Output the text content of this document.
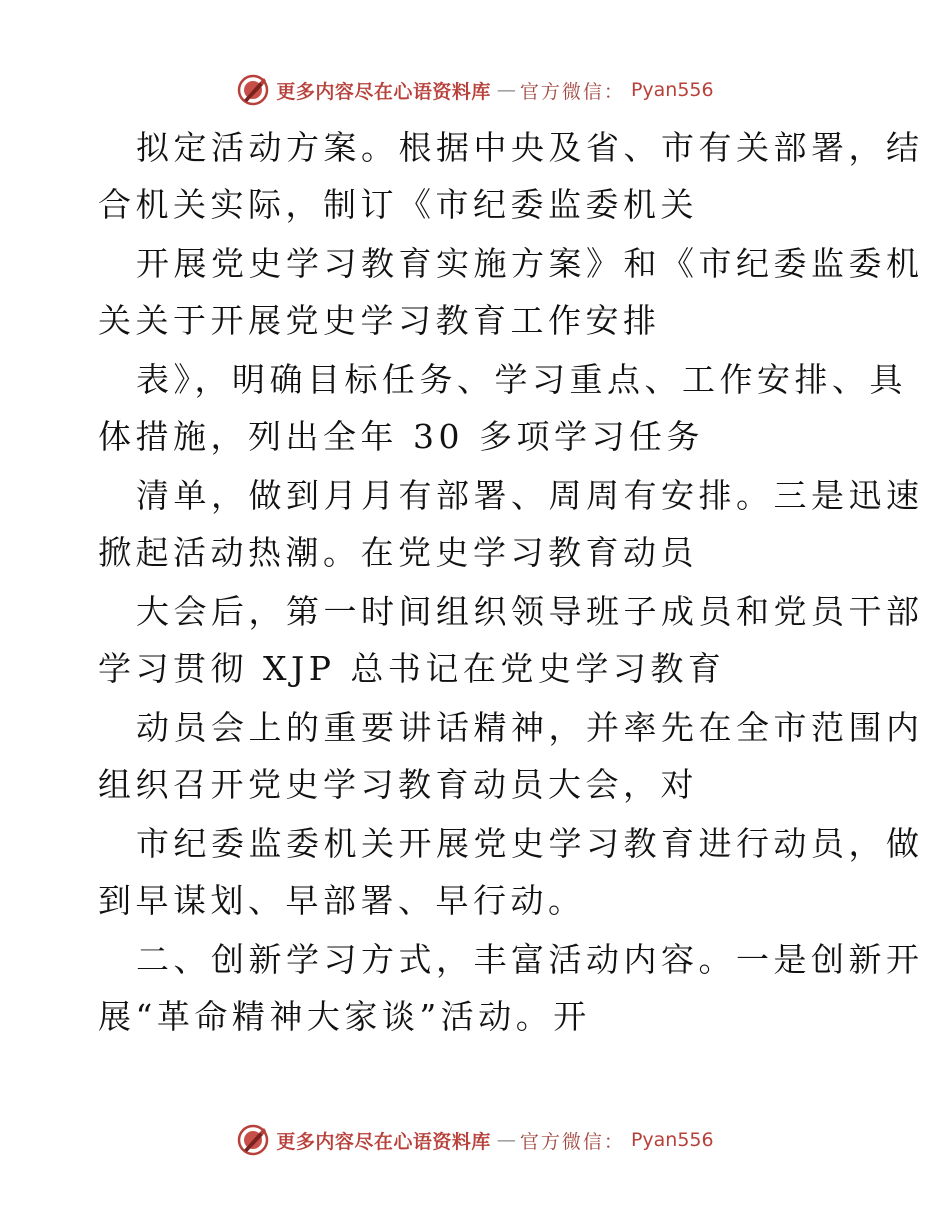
更多内容尽在心语资料库 — 官方微信： Pyan556
拟定活动方案。根据中央及省、市有关部署，结
合机关实际，制订《市纪委监委机关
开展党史学习教育实施方案》和《市纪委监委机
关关于开展党史学习教育工作安排
表》，明确目标任务、学习重点、工作安排、具
体措施，列出全年 30 多项学习任务
清单，做到月月有部署、周周有安排。三是迅速
掀起活动热潮。在党史学习教育动员
大会后，第一时间组织领导班子成员和党员干部
学习贯彻 XJP 总书记在党史学习教育
动员会上的重要讲话精神，并率先在全市范围内
组织召开党史学习教育动员大会，对
市纪委监委机关开展党史学习教育进行动员，做
到早谋划、早部署、早行动。
二、创新学习方式，丰富活动内容。一是创新开
展“革命精神大家谈”活动。开
更多内容尽在心语资料库 — 官方微信： Pyan556
